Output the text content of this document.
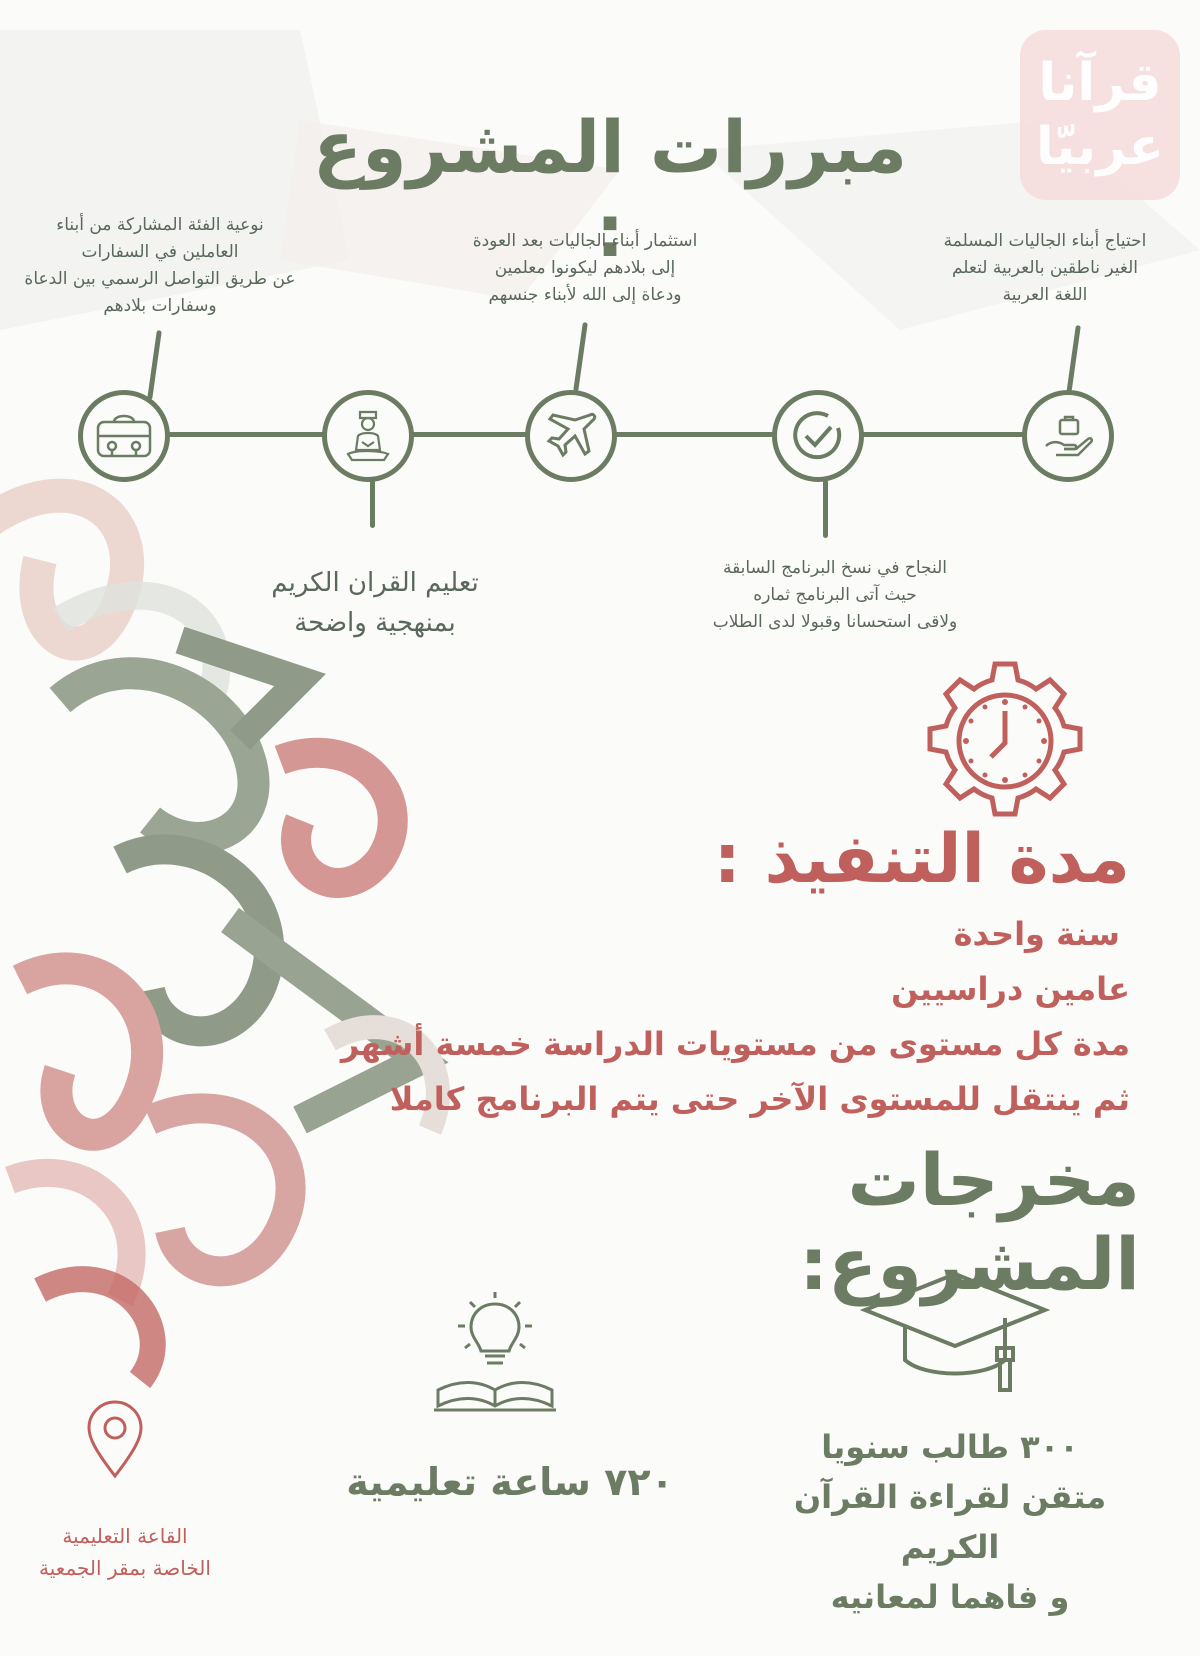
قرآنا
عربيّا
مبررات المشروع :	احتياج أبناء الجاليات المسلمة
الغير ناطقين بالعربية لتعلم
اللغة العربية
استثمار أبناء الجاليات بعد العودة
إلى بلادهم ليكونوا معلمين
ودعاة إلى الله لأبناء جنسهم
نوعية الفئة المشاركة من أبناء
العاملين في السفارات
عن طريق التواصل الرسمي بين الدعاة
وسفارات بلادهم
النجاح في نسخ البرنامج السابقة
حيث آتى البرنامج ثماره
ولاقى استحسانا وقبولا لدى الطلاب
تعليم القران الكريم
بمنهجية واضحة
مدة التنفيذ :
سنة واحدة
عامين دراسيين
مدة كل مستوى من مستويات الدراسة خمسة أشهر
ثم ينتقل للمستوى الآخر حتى يتم البرنامج كاملا
مخرجات المشروع:
٣٠٠ طالب سنويا
متقن لقراءة القرآن الكريم
و فاهما لمعانيه
٧٢٠ ساعة تعليمية
القاعة التعليمية
الخاصة بمقر الجمعية
